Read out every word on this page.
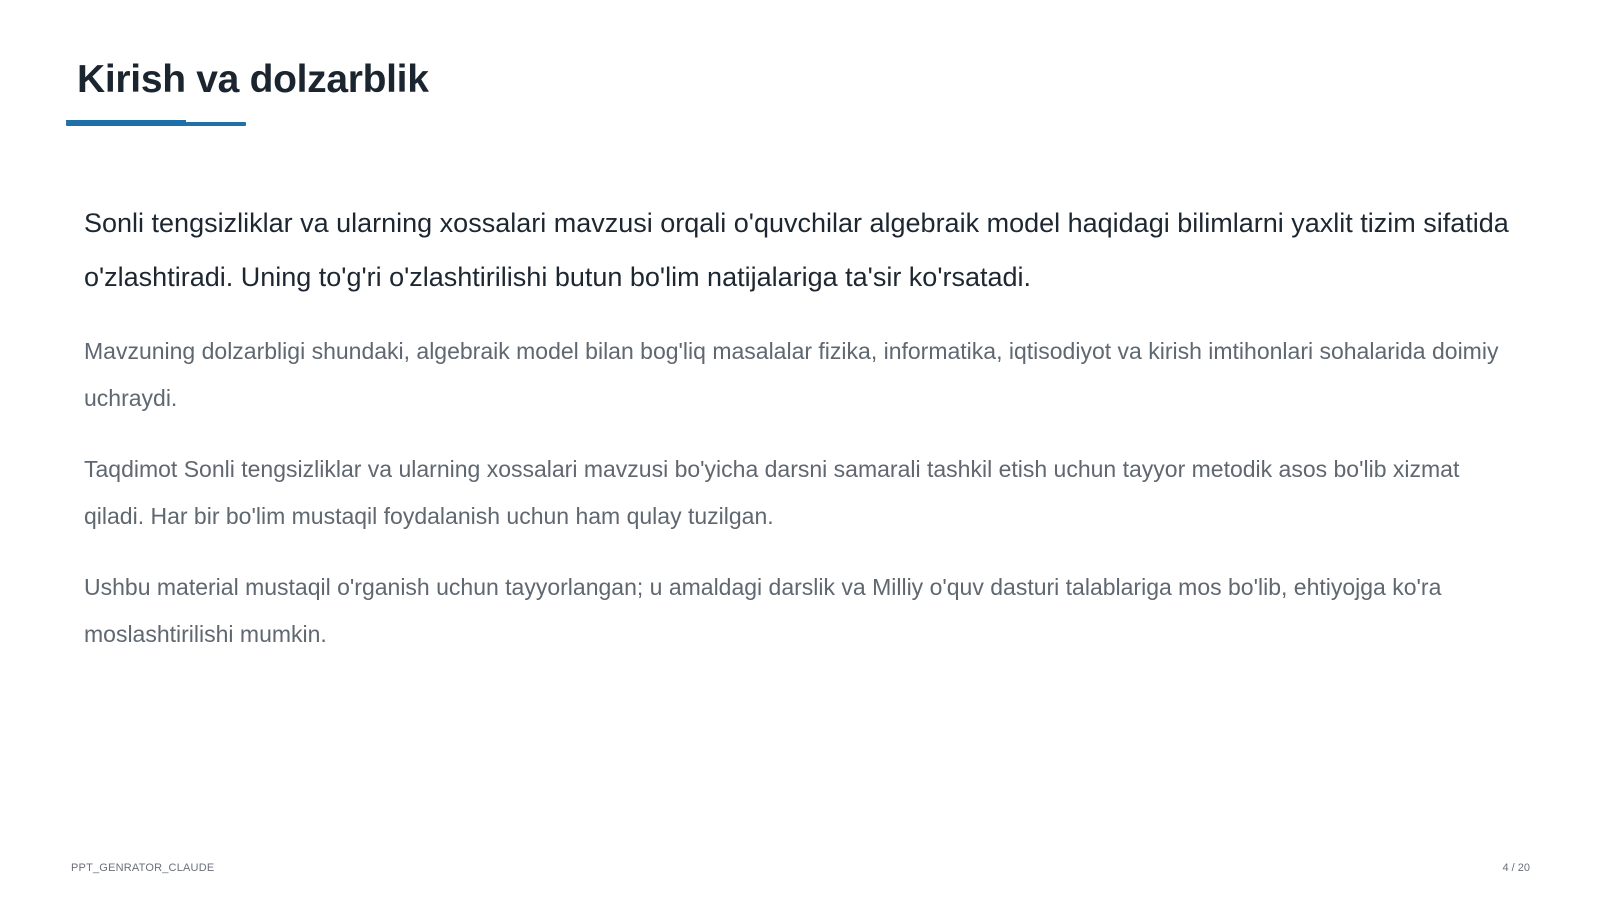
Kirish va dolzarblik

Sonli tengsizliklar va ularning xossalari mavzusi orqali o'quvchilar algebraik model haqidagi bilimlarni yaxlit tizim sifatida o'zlashtiradi. Uning to'g'ri o'zlashtirilishi butun bo'lim natijalariga ta'sir ko'rsatadi.

Mavzuning dolzarbligi shundaki, algebraik model bilan bog'liq masalalar fizika, informatika, iqtisodiyot va kirish imtihonlari sohalarida doimiy uchraydi.

Taqdimot Sonli tengsizliklar va ularning xossalari mavzusi bo'yicha darsni samarali tashkil etish uchun tayyor metodik asos bo'lib xizmat qiladi. Har bir bo'lim mustaqil foydalanish uchun ham qulay tuzilgan.

Ushbu material mustaqil o'rganish uchun tayyorlangan; u amaldagi darslik va Milliy o'quv dasturi talablariga mos bo'lib, ehtiyojga ko'ra moslashtirilishi mumkin.

PPT_GENRATOR_CLAUDE	4 / 20
